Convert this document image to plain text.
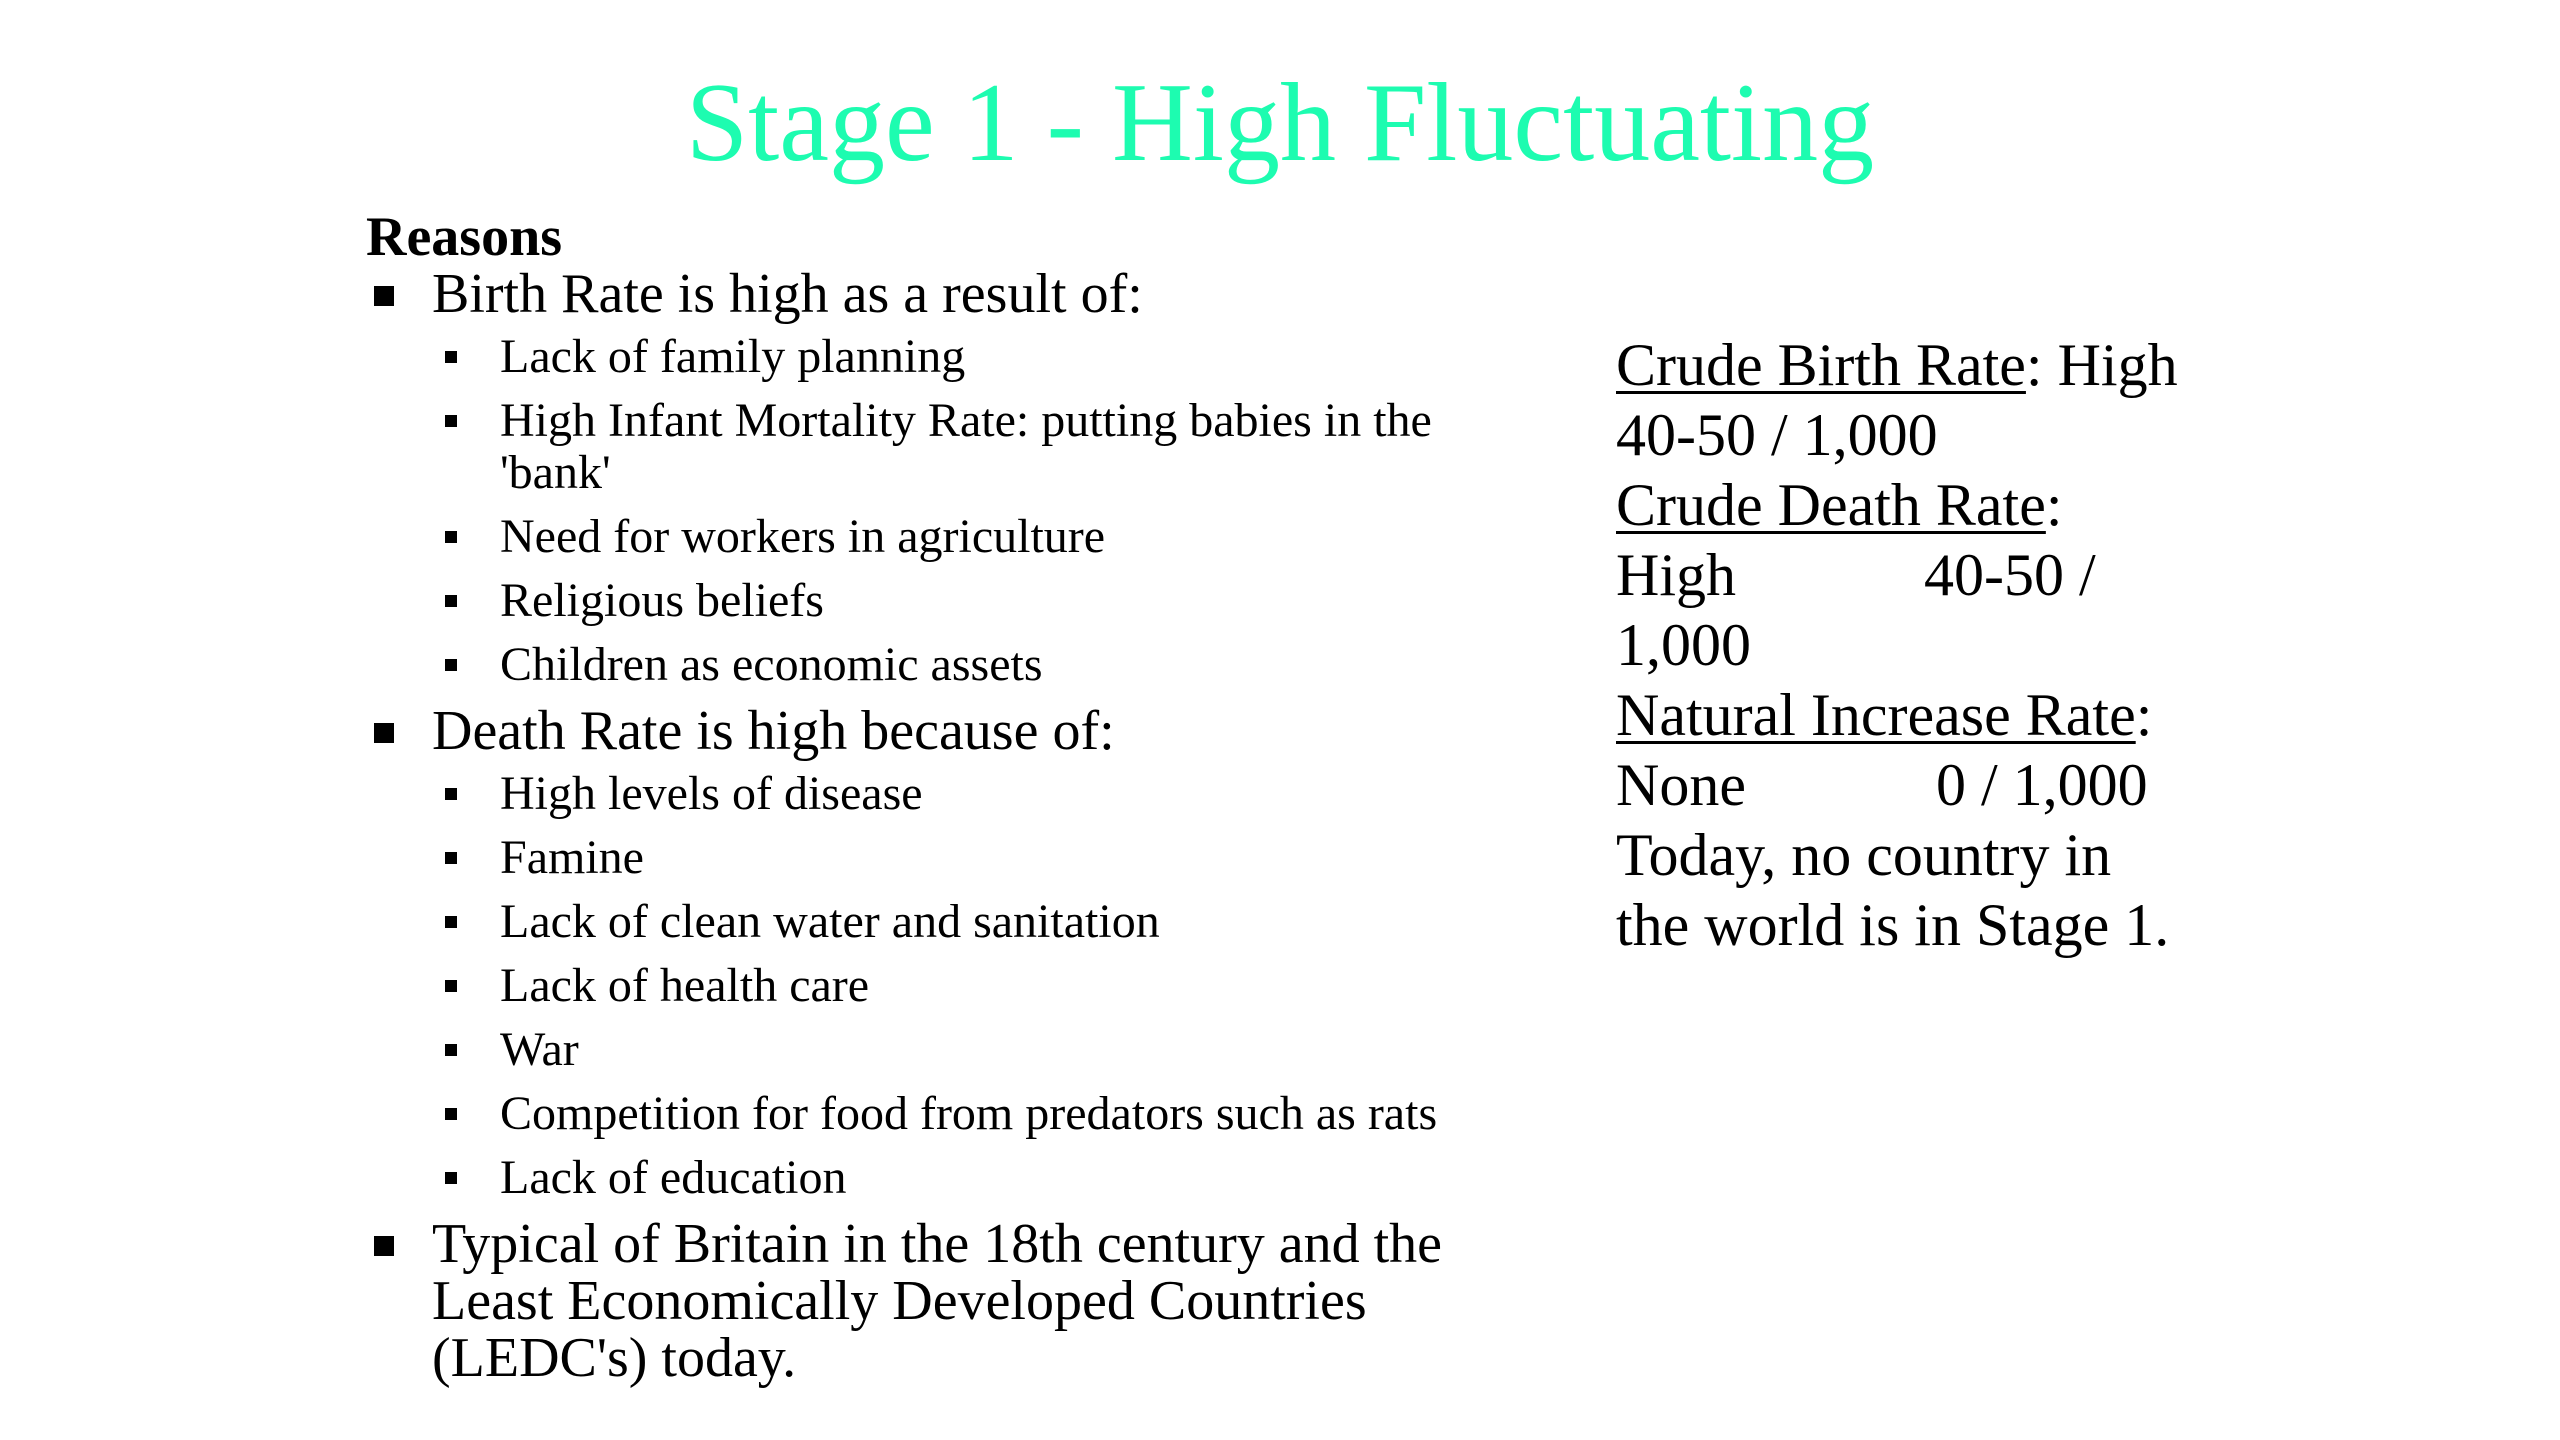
Stage 1 - High Fluctuating
Reasons
Birth Rate is high as a result of:
Lack of family planning
High Infant Mortality Rate: putting babies in the 'bank'
Need for workers in agriculture
Religious beliefs
Children as economic assets
Death Rate is high because of:
High levels of disease
Famine
Lack of clean water and sanitation
Lack of health care
War
Competition for food from predators such as rats
Lack of education
Typical of Britain in the 18th century and the Least Economically Developed Countries (LEDC's) today.
Crude Birth Rate: High
40-50 / 1,000
Crude Death Rate:
High	40-50 /
1,000
Natural Increase Rate:
None	0 / 1,000
Today, no country in
the world is in Stage 1.
